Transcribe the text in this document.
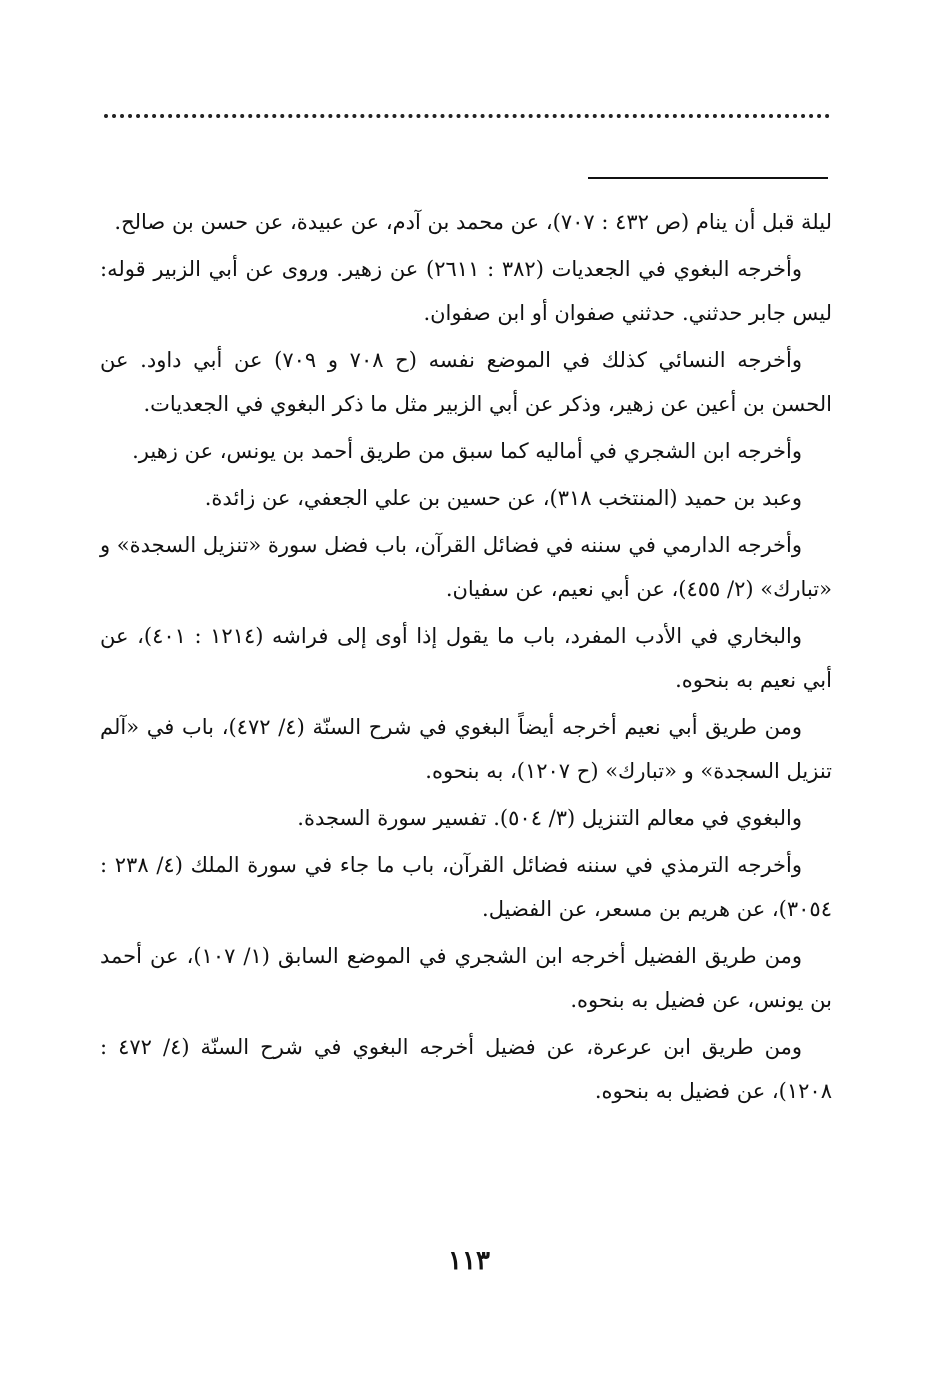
ليلة قبل أن ينام (ص ٤٣٢ : ٧٠٧)، عن محمد بن آدم، عن عبيدة، عن حسن بن صالح.

وأخرجه البغوي في الجعديات (٣٨٢ : ٢٦١١) عن زهير. وروى عن أبي الزبير قوله: ليس جابر حدثني. حدثني صفوان أو ابن صفوان.

وأخرجه النسائي كذلك في الموضع نفسه (ح ٧٠٨ و ٧٠٩) عن أبي داود. عن الحسن بن أعين عن زهير، وذكر عن أبي الزبير مثل ما ذكر البغوي في الجعديات.

وأخرجه ابن الشجري في أماليه كما سبق من طريق أحمد بن يونس، عن زهير.

وعبد بن حميد (المنتخب ٣١٨)، عن حسين بن علي الجعفي، عن زائدة.

وأخرجه الدارمي في سننه في فضائل القرآن، باب فضل سورة «تنزيل السجدة» و «تبارك» (٢/ ٤٥٥)، عن أبي نعيم، عن سفيان.

والبخاري في الأدب المفرد، باب ما يقول إذا أوى إلى فراشه (١٢١٤ : ٤٠١)، عن أبي نعيم به بنحوه.

ومن طريق أبي نعيم أخرجه أيضاً البغوي في شرح السنّة (٤/ ٤٧٢)، باب في «آلم تنزيل السجدة» و «تبارك» (ح ١٢٠٧)، به بنحوه.

والبغوي في معالم التنزيل (٣/ ٥٠٤). تفسير سورة السجدة.

وأخرجه الترمذي في سننه فضائل القرآن، باب ما جاء في سورة الملك (٤/ ٢٣٨ : ٣٠٥٤)، عن هريم بن مسعر، عن الفضيل.

ومن طريق الفضيل أخرجه ابن الشجري في الموضع السابق (١/ ١٠٧)، عن أحمد بن يونس، عن فضيل به بنحوه.

ومن طريق ابن عرعرة، عن فضيل أخرجه البغوي في شرح السنّة (٤/ ٤٧٢ : ١٢٠٨)، عن فضيل به بنحوه.

١١٣
